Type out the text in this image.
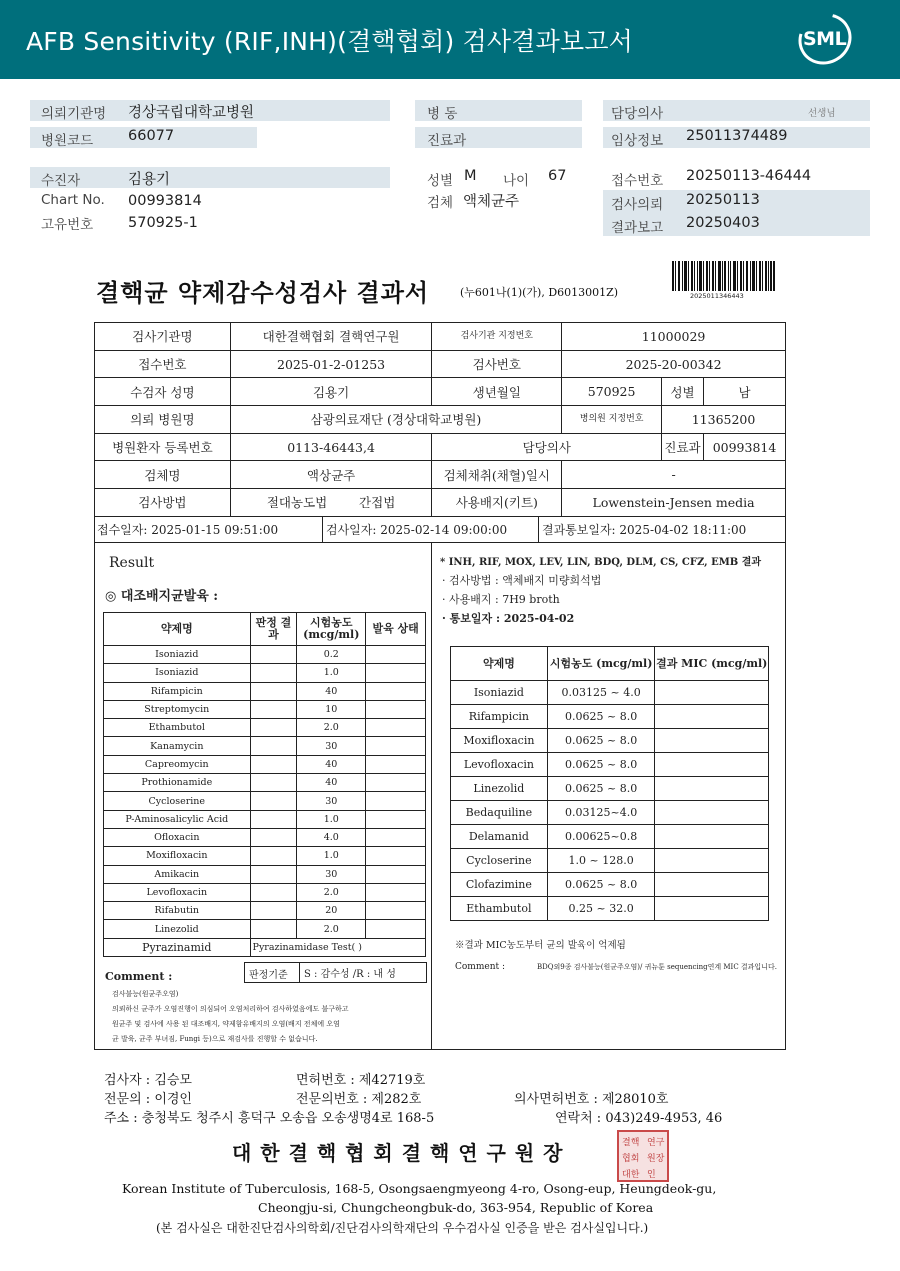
AFB Sensitivity (RIF,INH)(결핵협회) 검사결과보고서	SML
의뢰기관명 경상국립대학교병원
병원코드 66077
병 동
진료과
담당의사	선생님
임상정보 25011374489
수진자	김용기
Chart No. 00993814
고유번호 570925-1
성별 M 나이 67
검체 액체균주
접수번호 20250113-46444
검사의뢰 20250113
결과보고 20250403
결핵균 약제감수성검사 결과서	(누601나(1)(가), D6013001Z)	2025011346443
검사기관명	대한결핵협회 결핵연구원	검사기관 지정번호	11000029		
접수번호	2025-01-2-01253	검사번호	2025-20-00342		
수검자 성명	김용기	생년월일	570925	성별	남
의뢰 병원명	삼광의료재단 (경상대학교병원)		병의원 지정번호	11365200	
병원환자 등록번호	0113-46443,4	담당의사		진료과	00993814
검체명	액상균주	검체채취(채혈)일시	-		
검사방법	절대농도법 간접법	사용배지(키트)	Lowenstein-Jensen media		
접수일자: 2025-01-15 09:51:00	검사일자: 2025-02-14 09:00:00	결과통보일자: 2025-04-02 18:11:00
Result
◎ 대조배지균발육 :
약제명	판정 결과	시험농도 (mcg/ml)	발육 상태
Isoniazid		0.2	
Isoniazid		1.0	
Rifampicin		40	
Streptomycin		10	
Ethambutol		2.0	
Kanamycin		30	
Capreomycin		40	
Prothionamide		40	
Cycloserine		30	
P-Aminosalicylic Acid		1.0	
Ofloxacin		4.0	
Moxifloxacin		1.0	
Amikacin		30	
Levofloxacin		2.0	
Rifabutin		20	
Linezolid		2.0	
Pyrazinamid	Pyrazinamidase Test( )		
Comment :	판정기준	S : 감수성 /R : 내 성
검사불능(원균주오염)
의뢰하신 균주가 오염진행이 의심되어 오염처리하여 검사하였음에도 불구하고
원균주 및 검사에 사용 된 대조배지, 약제함유배지의 오염(배지 전체에 오염
균 발육, 균주 부녀짐, Fungi 등)으로 재검사를 진행할 수 없습니다.
* INH, RIF, MOX, LEV, LIN, BDQ, DLM, CS, CFZ, EMB 결과
· 검사방법 : 액체배지 미량희석법
· 사용배지 : 7H9 broth
· 통보일자 : 2025-04-02
약제명	시험농도 (mcg/ml)	결과 MIC (mcg/ml)
Isoniazid	0.03125 ~ 4.0	
Rifampicin	0.0625 ~ 8.0	
Moxifloxacin	0.0625 ~ 8.0	
Levofloxacin	0.0625 ~ 8.0	
Linezolid	0.0625 ~ 8.0	
Bedaquiline	0.03125~4.0	
Delamanid	0.00625~0.8	
Cycloserine	1.0 ~ 128.0	
Clofazimine	0.0625 ~ 8.0	
Ethambutol	0.25 ~ 32.0	
※결과 MIC농도부터 균의 발육이 억제됨
Comment :	BDQ외9종 검사불능(원균주오염)/ 귀뉴툰 sequencing연계 MIC 결과입니다.
검사자 : 김승모	면허번호 : 제42719호
전문의 : 이경인	전문의번호 : 제282호	의사면허번호 : 제28010호
주소 : 충청북도 청주시 흥덕구 오송읍 오송생명4로 168-5	연락처 : 043)249-4953, 46
결핵 연구
협회 원장
대한 인
대 한 결 핵 협 회 결 핵 연 구 원 장
Korean Institute of Tuberculosis, 168-5, Osongsaengmyeong 4-ro, Osong-eup, Heungdeok-gu,
Cheongju-si, Chungcheongbuk-do, 363-954, Republic of Korea
(본 검사실은 대한진단검사의학회/진단검사의학재단의 우수검사실 인증을 받은 검사실입니다.)
